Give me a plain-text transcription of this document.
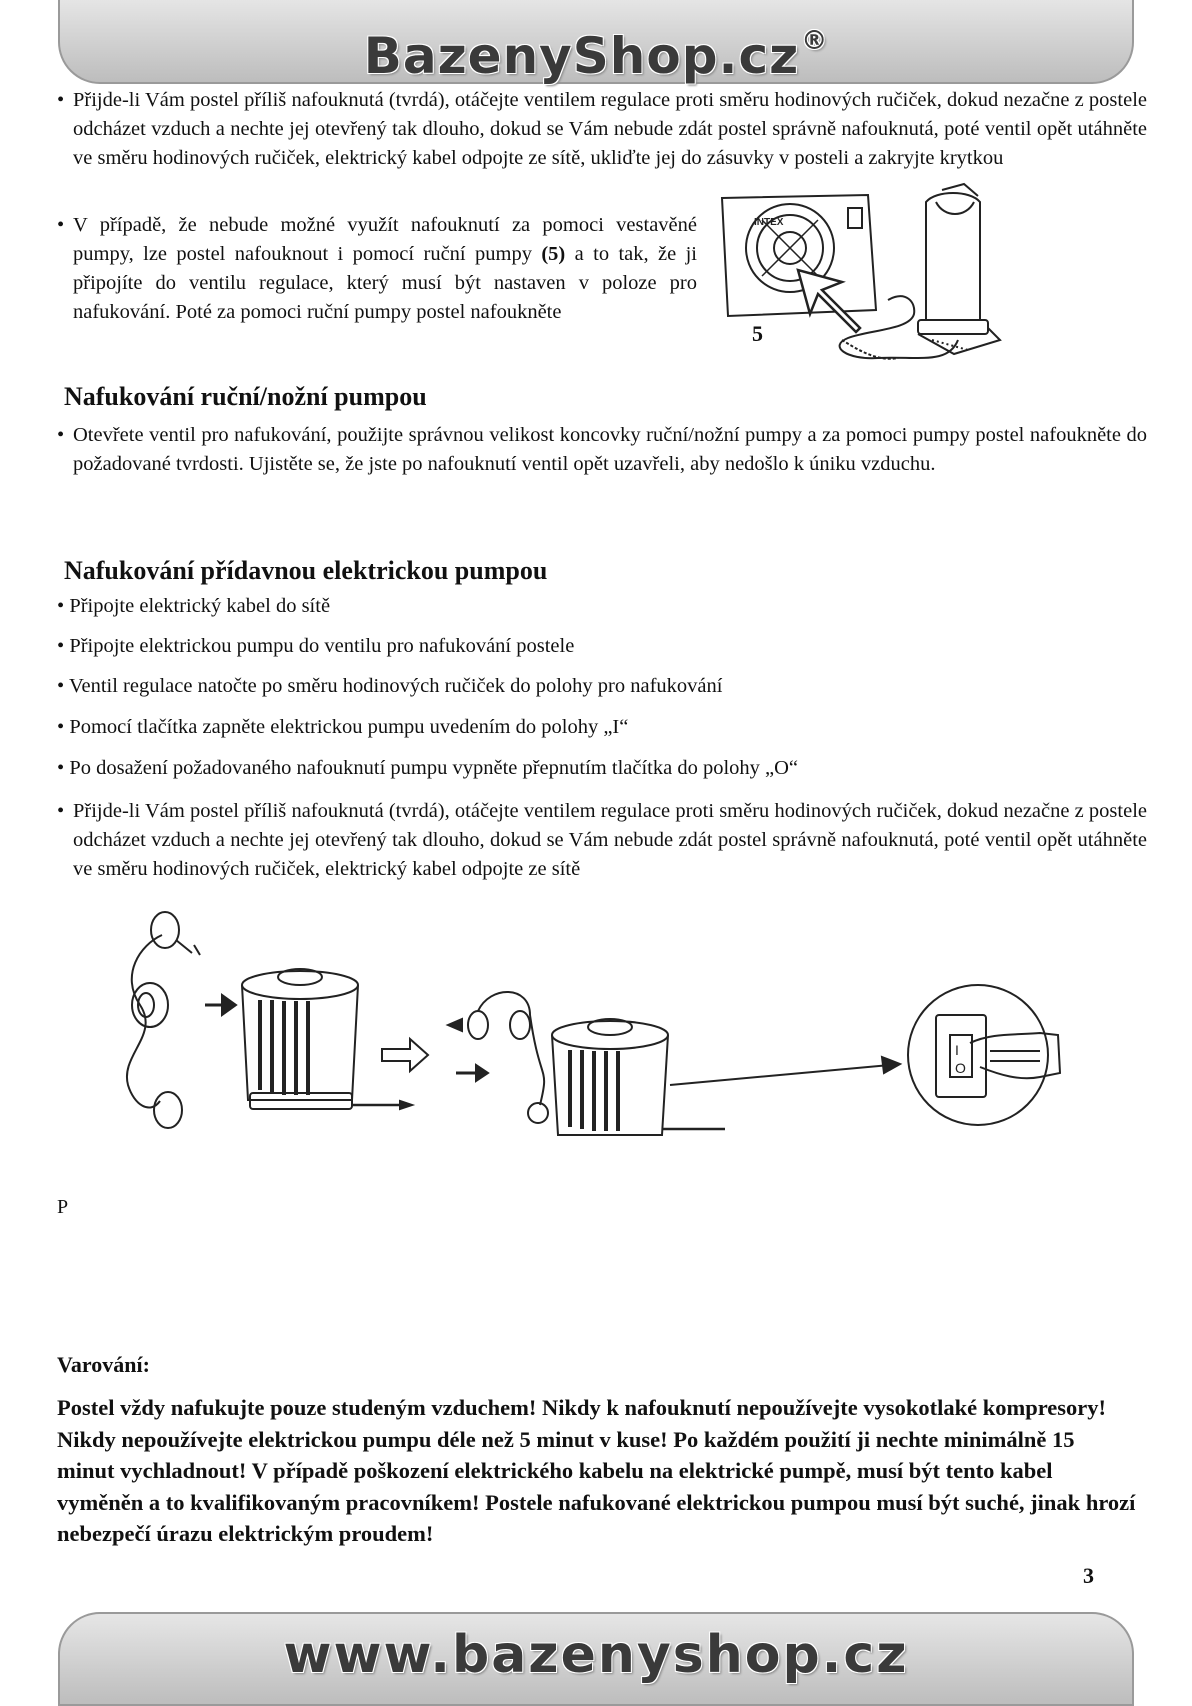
BazenyShop.cz®

• Přijde-li Vám postel příliš nafouknutá (tvrdá), otáčejte ventilem regulace proti směru hodinových ručiček, dokud nezačne z postele odcházet vzduch a nechte jej otevřený tak dlouho, dokud se Vám nebude zdát postel správně nafouknutá, poté ventil opět utáhněte ve směru hodinových ručiček, elektrický kabel odpojte ze sítě, ukliďte jej do zásuvky v posteli a zakryjte krytkou

• V případě, že nebude možné využít nafouknutí za pomoci vestavěné pumpy, lze postel nafouknout i pomocí ruční pumpy (5) a to tak, že ji připojíte do ventilu regulace, který musí být nastaven v poloze pro nafukování. Poté za pomoci ruční pumpy postel nafoukněte

INTEX
5
Nafukování ruční/nožní pumpou

• Otevřete ventil pro nafukování, použijte správnou velikost koncovky ruční/nožní pumpy a za pomoci pumpy postel nafoukněte do požadované tvrdosti. Ujistěte se, že jste po nafouknutí ventil opět uzavřeli, aby nedošlo k úniku vzduchu.

Nafukování přídavnou elektrickou pumpou

• Připojte elektrický kabel do sítě

• Připojte elektrickou pumpu do ventilu pro nafukování postele

• Ventil regulace natočte po směru hodinových ručiček do polohy pro nafukování

• Pomocí tlačítka zapněte elektrickou pumpu uvedením do polohy „I“

• Po dosažení požadovaného nafouknutí pumpu vypněte přepnutím tlačítka do polohy „O“

• Přijde-li Vám postel příliš nafouknutá (tvrdá), otáčejte ventilem regulace proti směru hodinových ručiček, dokud nezačne z postele odcházet vzduch a nechte jej otevřený tak dlouho, dokud se Vám nebude zdát postel správně nafouknutá, poté ventil opět utáhněte ve směru hodinových ručiček, elektrický kabel odpojte ze sítě

I
O
P
Varování:

Postel vždy nafukujte pouze studeným vzduchem! Nikdy k nafouknutí nepoužívejte vysokotlaké kompresory! Nikdy nepoužívejte elektrickou pumpu déle než 5 minut v kuse! Po každém použití ji nechte minimálně 15 minut vychladnout! V případě poškození elektrického kabelu na elektrické pumpě, musí být tento kabel vyměněn a to kvalifikovaným pracovníkem! Postele nafukované elektrickou pumpou musí být suché, jinak hrozí nebezpečí úrazu elektrickým proudem!

3
www.bazenyshop.cz
